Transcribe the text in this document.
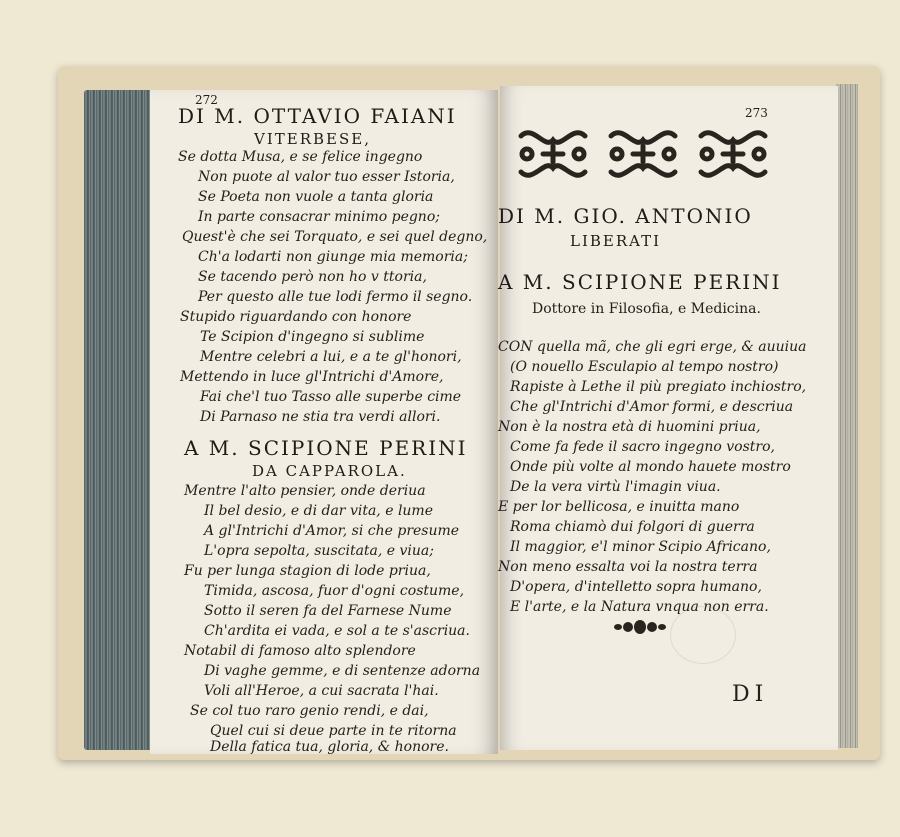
272
DI M. OTTAVIO FAIANI
VITERBESE,
Se dotta Musa, e se felice ingegno
Non puote al valor tuo esser Istoria,
Se Poeta non vuole a tanta gloria
In parte consacrar minimo pegno;
Quest'è che sei Torquato, e sei quel degno,
Ch'a lodarti non giunge mia memoria;
Se tacendo però non ho v ttoria,
Per questo alle tue lodi fermo il segno.
Stupido riguardando con honore
Te Scipion d'ingegno si sublime
Mentre celebri a lui, e a te gl'honori,
Mettendo in luce gl'Intrichi d'Amore,
Fai che'l tuo Tasso alle superbe cime
Di Parnaso ne stia tra verdi allori.
A M. SCIPIONE PERINI
DA CAPPAROLA.
Mentre l'alto pensier, onde deriua
Il bel desio, e di dar vita, e lume
A gl'Intrichi d'Amor, si che presume
L'opra sepolta, suscitata, e viua;
Fu per lunga stagion di lode priua,
Timida, ascosa, fuor d'ogni costume,
Sotto il seren fa del Farnese Nume
Ch'ardita ei vada, e sol a te s'ascriua.
Notabil di famoso alto splendore
Di vaghe gemme, e di sentenze adorna
Voli all'Heroe, a cui sacrata l'hai.
Se col tuo raro genio rendi, e dai,
Quel cui si deue parte in te ritorna
Della fatica tua, gloria, & honore.
273
DI M. GIO. ANTONIO
LIBERATI
A M. SCIPIONE PERINI
Dottore in Filosofia, e Medicina.
CON quella mã, che gli egri erge, & auuiua
(O nouello Esculapio al tempo nostro)
Rapiste à Lethe il più pregiato inchiostro,
Che gl'Intrichi d'Amor formi, e descriua
Non è la nostra età di huomini priua,
Come fa fede il sacro ingegno vostro,
Onde più volte al mondo hauete mostro
De la vera virtù l'imagin viua.
E per lor bellicosa, e inuitta mano
Roma chiamò dui folgori di guerra
Il maggior, e'l minor Scipio Africano,
Non meno essalta voi la nostra terra
D'opera, d'intelletto sopra humano,
E l'arte, e la Natura vnqua non erra.
DI
